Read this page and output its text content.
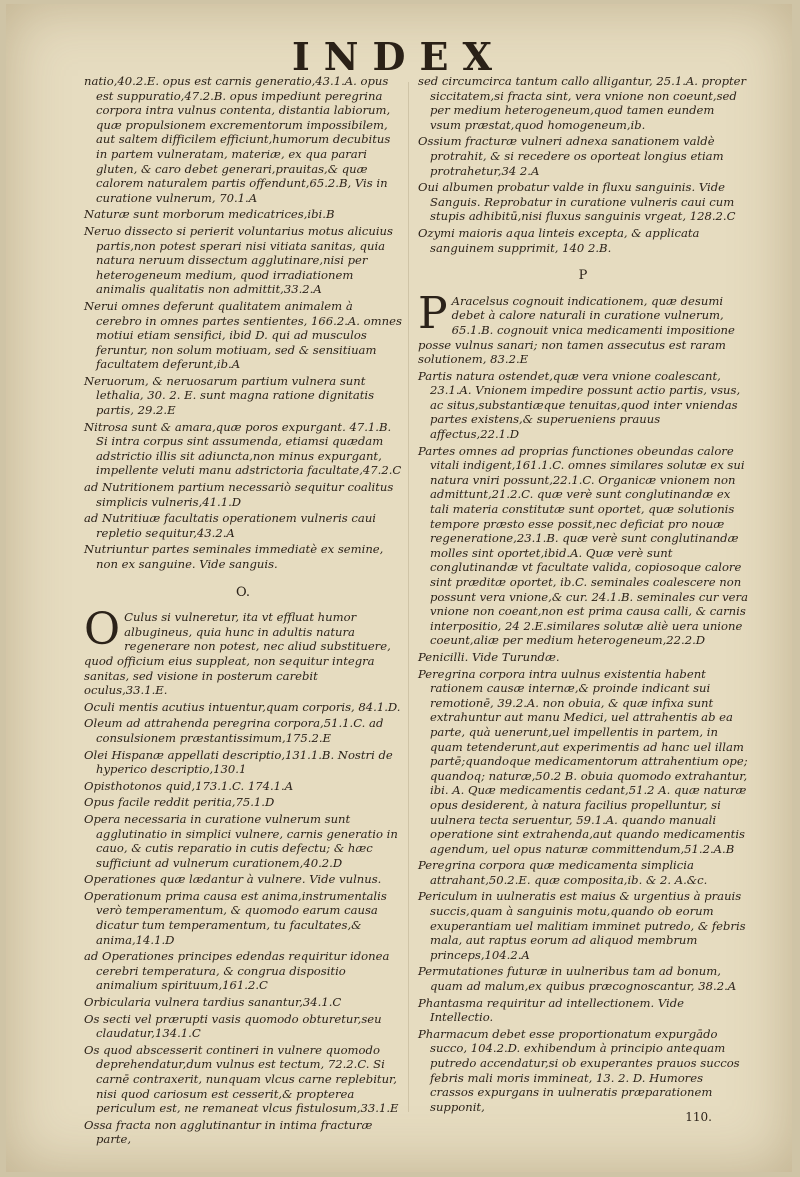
INDEX
natio,40.2.E. opus est carnis generatio,43.1.A. opus est suppuratio,47.2.B. opus impediunt peregrina corpora intra vulnus contenta, distantia labiorum, quæ propulsionem excrementorum impossibilem, aut saltem difficilem efficiunt,humorum decubitus in partem vulneratam, materiæ, ex qua parari gluten, & caro debet generari,prauitas,& quæ calorem naturalem partis offendunt,65.2.B, Vis in curatione vulnerum, 70.1.A
Naturæ sunt morborum medicatrices,ibi.B
Neruo dissecto si perierit voluntarius motus alicuius partis,non potest sperari nisi vitiata sanitas, quia natura neruum dissectum agglutinare,nisi per heterogeneum medium, quod irradiationem animalis qualitatis non admittit,33.2.A
Nerui omnes deferunt qualitatem animalem à cerebro in omnes partes sentientes, 166.2.A. omnes motiui etiam sensifici, ibid D. qui ad musculos feruntur, non solum motiuam, sed & sensitiuam facultatem deferunt,ib.A
Neruorum, & neruosarum partium vulnera sunt lethalia, 30. 2. E. sunt magna ratione dignitatis partis, 29.2.E
Nitrosa sunt & amara,quæ poros expurgant. 47.1.B. Si intra corpus sint assumenda, etiamsi quædam adstrictio illis sit adiuncta,non minus expurgant, impellente veluti manu adstrictoria facultate,47.2.C
ad Nutritionem partium necessariò sequitur coalitus simplicis vulneris,41.1.D
ad Nutritiuæ facultatis operationem vulneris caui repletio sequitur,43.2.A
Nutriuntur partes seminales immediatè ex semine, non ex sanguine. Vide sanguis.
O.
O Culus si vulneretur, ita vt effluat humor albugineus, quia hunc in adultis natura regenerare non potest, nec aliud substituere, quod officium eius suppleat, non sequitur integra sanitas, sed visione in posterum carebit oculus,33.1.E.
Oculi mentis acutius intuentur,quam corporis, 84.1.D.
Oleum ad attrahenda peregrina corpora,51.1.C. ad consulsionem præstantissimum,175.2.E
Olei Hispanæ appellati descriptio,131.1.B. Nostri de hyperico descriptio,130.1
Opisthotonos quid,173.1.C. 174.1.A
Opus facile reddit peritia,75.1.D
Opera necessaria in curatione vulnerum sunt agglutinatio in simplici vulnere, carnis generatio in cauo, & cutis reparatio in cutis defectu; & hæc sufficiunt ad vulnerum curationem,40.2.D
Operationes quæ lædantur à vulnere. Vide vulnus.
Operationum prima causa est anima,instrumentalis verò temperamentum, & quomodo earum causa dicatur tum temperamentum, tu facultates,& anima,14.1.D
ad Operationes principes edendas requiritur idonea cerebri temperatura, & congrua dispositio animalium spirituum,161.2.C
Orbicularia vulnera tardius sanantur,34.1.C
Os secti vel prærupti vasis quomodo obturetur,seu claudatur,134.1.C
Os quod abscesserit contineri in vulnere quomodo deprehendatur,dum vulnus est tectum, 72.2.C. Si carnē contraxerit, nunquam vlcus carne replebitur, nisi quod cariosum est cesserit,& propterea periculum est, ne remaneat vlcus fistulosum,33.1.E
Ossa fracta non agglutinantur in intima fracturæ parte,
sed circumcirca tantum callo alligantur, 25.1.A. propter siccitatem,si fracta sint, vera vnione non coeunt,sed per medium heterogeneum,quod tamen eundem vsum præstat,quod homogeneum,ib.
Ossium fracturæ vulneri adnexa sanationem valdè protrahit, & si recedere os oporteat longius etiam protrahetur,34 2.A
Oui albumen probatur valde in fluxu sanguinis. Vide Sanguis. Reprobatur in curatione vulneris caui cum stupis adhibitū,nisi fluxus sanguinis vrgeat, 128.2.C
Ozymi maioris aqua linteis excepta, & applicata sanguinem supprimit, 140 2.B.
P
P Aracelsus cognouit indicationem, quæ desumi debet à calore naturali in curatione vulnerum, 65.1.B. cognouit vnica medicamenti impositione posse vulnus sanari; non tamen assecutus est raram solutionem, 83.2.E
Partis natura ostendet,quæ vera vnione coalescant, 23.1.A. Vnionem impedire possunt actio partis, vsus, ac situs,substantiæque tenuitas,quod inter vniendas partes existens,& superueniens prauus affectus,22.1.D
Partes omnes ad proprias functiones obeundas calore vitali indigent,161.1.C. omnes similares solutæ ex sui natura vniri possunt,22.1.C. Organicæ vnionem non admittunt,21.2.C. quæ verè sunt conglutinandæ ex tali materia constitutæ sunt oportet, quæ solutionis tempore præsto esse possit,nec deficiat pro nouæ regeneratione,23.1.B. quæ verè sunt conglutinandæ molles sint oportet,ibid.A. Quæ verè sunt conglutinandæ vt facultate valida, copiosoque calore sint præditæ oportet, ib.C. seminales coalescere non possunt vera vnione,& cur. 24.1.B. seminales cur vera vnione non coeant,non est prima causa calli, & carnis interpositio, 24 2.E.similares solutæ aliè uera unione coeunt,aliæ per medium heterogeneum,22.2.D
Penicilli. Vide Turundæ.
Peregrina corpora intra uulnus existentia habent rationem causæ internæ,& proinde indicant sui remotionē, 39.2.A. non obuia, & quæ infixa sunt extrahuntur aut manu Medici, uel attrahentis ab ea parte, quà uenerunt,uel impellentis in partem, in quam tetenderunt,aut experimentis ad hanc uel illam partē;quandoque medicamentorum attrahentium ope; quandoq; naturæ,50.2 B. obuia quomodo extrahantur, ibi. A. Quæ medicamentis cedant,51.2 A. quæ naturæ opus desiderent, à natura facilius propelluntur, si uulnera tecta seruentur, 59.1.A. quando manuali operatione sint extrahenda,aut quando medicamentis agendum, uel opus naturæ committendum,51.2.A.B
Peregrina corpora quæ medicamenta simplicia attrahant,50.2.E. quæ composita,ib. & 2. A.&c.
Periculum in uulneratis est maius & urgentius à prauis succis,quam à sanguinis motu,quando ob eorum exuperantiam uel malitiam imminet putredo, & febris mala, aut raptus eorum ad aliquod membrum princeps,104.2.A
Permutationes futuræ in uulneribus tam ad bonum, quam ad malum,ex quibus præcognoscantur, 38.2.A
Phantasma requiritur ad intellectionem. Vide Intellectio.
Pharmacum debet esse proportionatum expurgādo succo, 104.2.D. exhibendum à principio antequam putredo accendatur,si ob exuperantes prauos succos febris mali moris immineat, 13. 2. D. Humores crassos expurgans in uulneratis præparationem supponit,
110.
